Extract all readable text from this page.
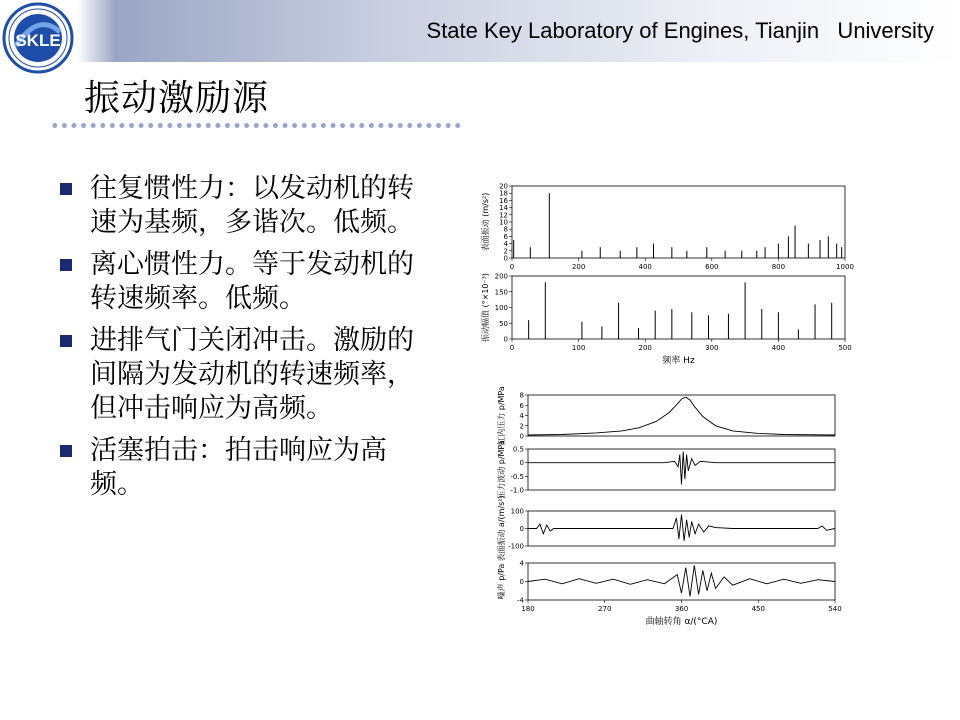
SKLE	State Key Laboratory of Engines, Tianjin   University
振动激励源
往复惯性力：以发动机的转速为基频，多谐次。低频。
离心惯性力。等于发动机的转速频率。低频。
进排气门关闭冲击。激励的间隔为发动机的转速频率，但冲击响应为高频。
活塞拍击：拍击响应为高频。
0
2
4
6
8
10
12
14
16
18
20
0	200	400	600	800	1000
表面振动 (m/s²)
0
50
100
150
200
0	100	200	300	400	500
振动幅值 (°×10⁻³)
频率 Hz
8
6
4
2
0
缸内压力 p/MPa
0.5
0
-0.5
-1.0
压力波动 p/MPa
100
0
-100
表面振动 a/(m/s²)
4
0
-4
180	270	360	450	540
噪声 p/Pa
曲轴转角 α/(°CA)
